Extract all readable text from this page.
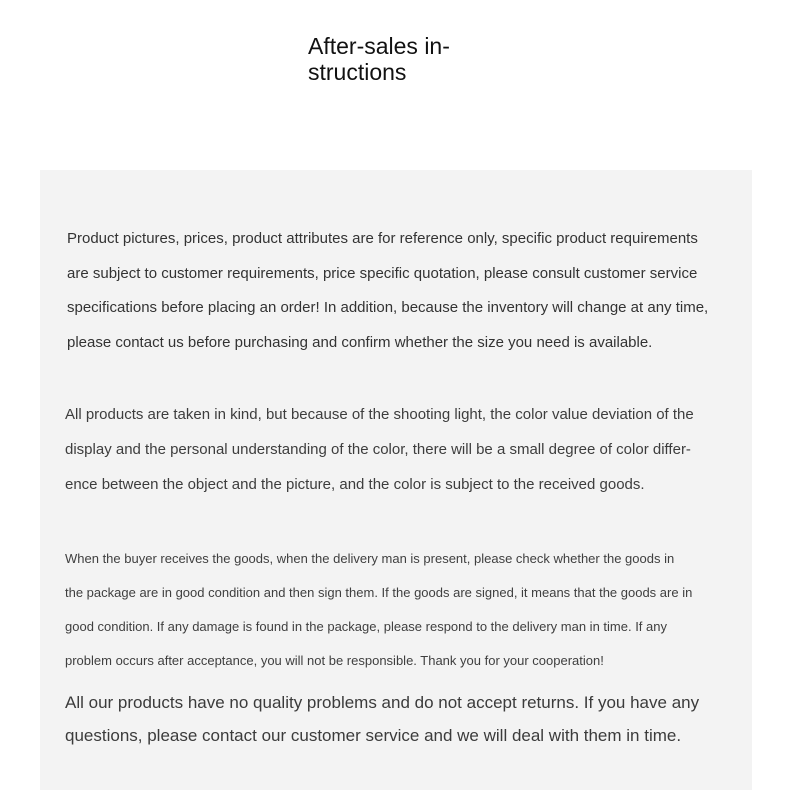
After-sales in-
structions

Product pictures, prices, product attributes are for reference only, specific product requirements
are subject to customer requirements, price specific quotation, please consult customer service
specifications before placing an order! In addition, because the inventory will change at any time,
please contact us before purchasing and confirm whether the size you need is available.

All products are taken in kind, but because of the shooting light, the color value deviation of the
display and the personal understanding of the color, there will be a small degree of color differ-
ence between the object and the picture, and the color is subject to the received goods.

When the buyer receives the goods, when the delivery man is present, please check whether the goods in
the package are in good condition and then sign them. If the goods are signed, it means that the goods are in
good condition. If any damage is found in the package, please respond to the delivery man in time. If any
problem occurs after acceptance, you will not be responsible. Thank you for your cooperation!

All our products have no quality problems and do not accept returns. If you have any
questions, please contact our customer service and we will deal with them in time.
